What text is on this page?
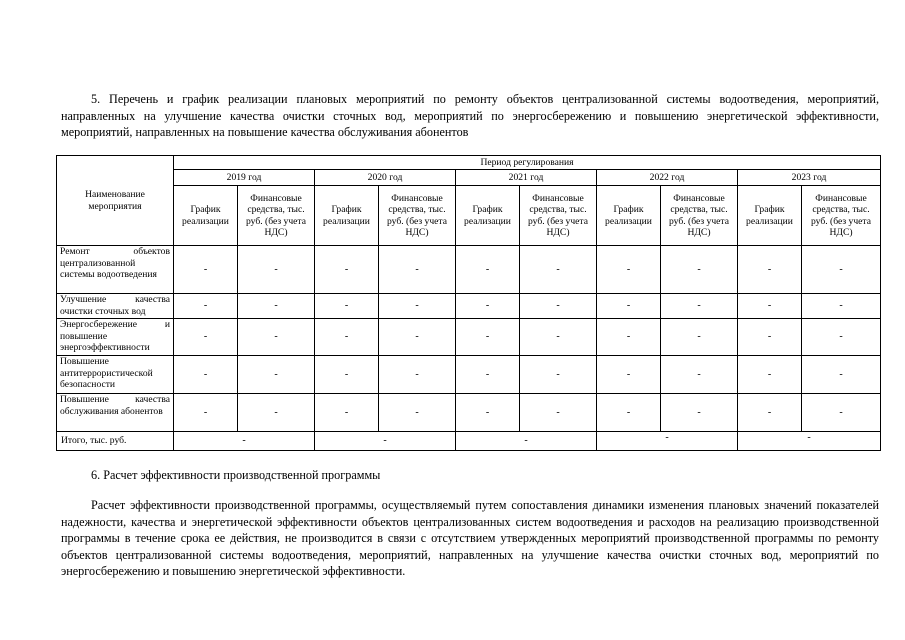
5. Перечень и график реализации плановых мероприятий по ремонту объектов централизованной системы водоотведения, мероприятий, направленных на улучшение качества очистки сточных вод, мероприятий по энергосбережению и повышению энергетической эффективности, мероприятий, направленных на повышение качества обслуживания абонентов

Наименование мероприятия	Период регулирования									
	2019 год		2020 год		2021 год		2022 год		2023 год	
	График реализации	Финансовые средства, тыс. руб. (без учета НДС)	График реализации	Финансовые средства, тыс. руб. (без учета НДС)	График реализации	Финансовые средства, тыс. руб. (без учета НДС)	График реализации	Финансовые средства, тыс. руб. (без учета НДС)	График реализации	Финансовые средства, тыс. руб. (без учета НДС)
Ремонт объектов централизованной системы водоотведения	-	-	-	-	-	-	-	-	-	-
Улучшение качества очистки сточных вод	-	-	-	-	-	-	-	-	-	-
Энергосбережение и повышение энергоэффективности	-	-	-	-	-	-	-	-	-	-
Повышение антитеррористической безопасности	-	-	-	-	-	-	-	-	-	-
Повышение качества обслуживания абонентов	-	-	-	-	-	-	-	-	-	-
Итого, тыс. руб.	-		-		-		-		-	

6. Расчет эффективности производственной программы

Расчет эффективности производственной программы, осуществляемый путем сопоставления динамики изменения плановых значений показателей надежности, качества и энергетической эффективности объектов централизованных систем водоотведения и расходов на реализацию производственной программы в течение срока ее действия, не производится в связи с отсутствием утвержденных мероприятий производственной программы по ремонту объектов централизованной системы водоотведения, мероприятий, направленных на улучшение качества очистки сточных вод, мероприятий по энергосбережению и повышению энергетической эффективности.
